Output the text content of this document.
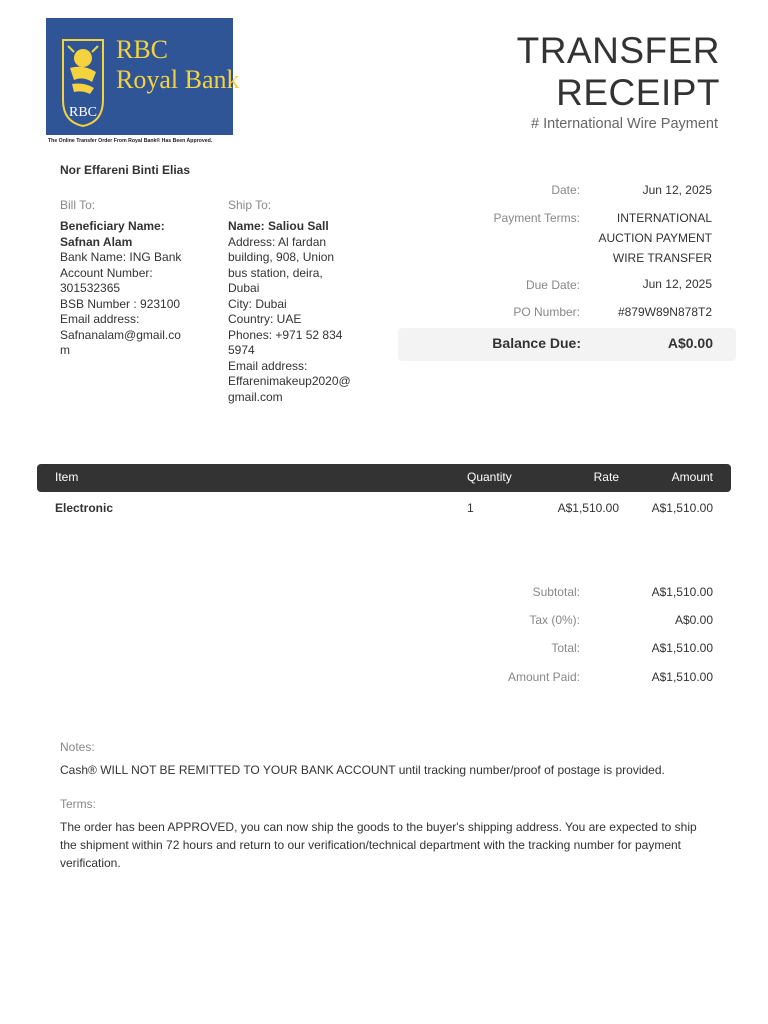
RBC
RBC
Royal Bank
The Online Transfer Order From Royal Bank® Has Been Approved.
TRANSFER
RECEIPT
# International Wire Payment
Nor Effareni Binti Elias
Bill To:
Beneficiary Name: Safnan Alam
Bank Name: ING Bank
Account Number: 301532365
BSB Number : 923100
Email address:
Safnanalam@gmail.com
Ship To:
Name: Saliou Sall
Address: Al fardan building, 908, Union bus station, deira, Dubai
City: Dubai
Country: UAE
Phones: +971 52 834 5974
Email address:
Effarenimakeup2020@gmail.com
Date:	Jun 12, 2025
Payment Terms:	INTERNATIONAL
AUCTION PAYMENT
WIRE TRANSFER
Due Date:	Jun 12, 2025
PO Number:	#879W89N878T2
Balance Due:	A$0.00
Item	Quantity	Rate	Amount
Electronic	1	A$1,510.00	A$1,510.00
Subtotal:	A$1,510.00
Tax (0%):	A$0.00
Total:	A$1,510.00
Amount Paid:	A$1,510.00
Notes:
Cash® WILL NOT BE REMITTED TO YOUR BANK ACCOUNT until tracking number/proof of postage is provided.
Terms:
The order has been APPROVED, you can now ship the goods to the buyer's shipping address. You are expected to ship the shipment within 72 hours and return to our verification/technical department with the tracking number for payment verification.
